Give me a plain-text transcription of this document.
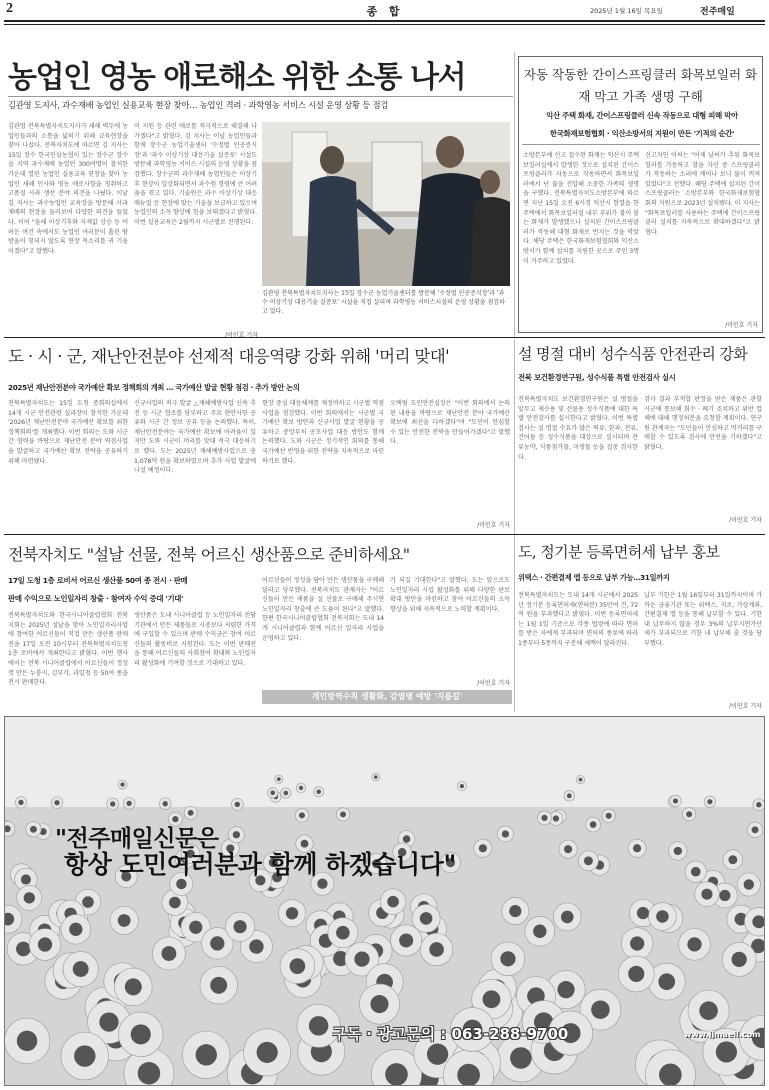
2	종 합	2025년 1월 16일 목요일	전주매일
농업인 영농 애로해소 위한 소통 나서
김관영 도지사, 과수재배 농업인 실용교육 현장 찾아… 농업인 격려 · 과학영농 서비스 시설 운영 상황 등 점검
김관영 전북특별자치도지사가 새해 벽두에 농업인들과의 소통을 넓히기 위해 교육현장을 찾아 나섰다. 전북자치도에 따르면 김 지사는 15일 장수 한국인삼농협이 있는 장수군 장수읍 지역 과수재배 농업인 300여명이 참석한 가운데 열린 농업인 실용교육 현장을 찾아 농업인 새해 인사와 영농 애로사항을 청취하고 고품질 사과 생산 분야 의견을 나눴다. 이날 김 지사는 과수농업인 교육장을 방문해 사과 재배의 현장을 둘러보며 다양한 의견을 들었다. 이어 "올해 이상기후와 자재값 상승 등 어려운 여건 속에서도 농업인 여러분이 흘린 땀방울이 헛되지 않도록 현장 목소리를 귀 기울이겠다"고 말했다.
이 지원 등 관련 애로를 적극적으로 해결해 나가겠다"고 밝혔다. 김 지사는 이날 농업인들과 함께 장수군 농업기술센터 '수정벌 인공증식장'과 '과수 이상기상 대응기술 실증포' 시설도 방문해 과학영농 서비스 시설의 운영 상황을 점검했다. 장수군의 과수재배 농업인들은 이상기후 현상이 일상화되면서 과수원 경영에 큰 어려움을 겪고 있다. 기술원은 과수 이상기상 대응 매뉴얼 등 현장에 맞는 기술을 보급하고 있으며 농업인의 소득 향상에 힘을 보태겠다고 밝혔다. 이번 실용교육은 2월까지 시군별로 진행된다.
/이민호 기자
김관영 전북특별자치도지사는 15일 장수군 농업기술센터를 방문해 '수정벌 인공증식장'과 '과수 이상기상 대응기술 실증포' 시설을 직접 살피며 과학영농 서비스시설의 운영 상황을 점검하고 있다.
자동 작동한 간이스프링클러 화목보일러 화재 막고 가족 생명 구해
익산 주택 화재, 간이스프링클러 신속 작동으로 대형 피해 막아
한국화재보험협회 · 익산소방서의 지원이 만든 '기적의 순간'
소방본부에 신고 접수된 화재는 익산시 주택 보일러실에서 발생한 것으로 설치된 간이스프링클러가 자동으로 작동하면서 화목보일러에서 난 불을 진압해 소중한 가족의 생명을 구했다. 전북특별자치도소방본부에 따르면 지난 15일 오전 6시경 익산시 함열읍 한 주택에서 화목보일러실 내부 부위가 불이 붙는 화재가 발생했으나 설치된 간이스프링클러가 작동해 대형 화재로 번지는 것을 막았다. 해당 주택은 한국화재보험협회와 익산소방서가 함께 설치를 지원한 곳으로 주민 3명이 거주하고 있었다.
신고자인 이씨는 "어제 날씨가 추워 화목보일러를 가동하고 잠을 자던 중 스프링클러가 작동하는 소리에 깨어나 보니 불이 꺼져 있었다"고 전했다. 해당 주택에 설치된 간이스프링클러는 소방본부와 한국화재보험협회의 지원으로 2023년 설치됐다. 이 지사는 "화목보일러를 사용하는 주택에 간이스프링클러 설치를 지속적으로 확대하겠다"고 밝혔다.
/이민호 기자
도 · 시 · 군, 재난안전분야 선제적 대응역량 강화 위해 '머리 맞대'
2025년 재난안전분야 국가예산 확보 정책회의 개최 … 국가예산 발굴 현황 점검 · 추가 방안 논의
전북특별자치도는 15일 도청 중회의실에서 14개 시군 안전관련 실과장이 참석한 가운데 '2026년 재난안전분야 국가예산 확보를 위한 정책회의'를 개최했다. 이번 회의는 도와 시군 간 협력을 바탕으로 재난안전 분야 역점사업을 발굴하고 국가예산 확보 전략을 공유하기 위해 마련됐다.
신규사업의 적극 발굴 △재해예방사업 신속 추진 등 시군 협조를 당부하고 주요 현안사항 공유와 시군 간 정보 공유 등을 논의했다. 특히, 재난안전분야는 국가예산 확보에 어려움이 있지만 도와 시군이 머리를 맞대 적극 대응하기로 했다. 도는 2025년 재해예방사업으로 총 1,078억 원을 확보하였으며 추가 사업 발굴에 나설 예정이다.
현장 중심 대응체계를 재정비하고 시군별 역점사업을 점검했다. 이번 회의에서는 시군별 국가예산 확보 방안과 신규사업 발굴 현황을 공유하고 중앙부처 공모사업 대응 방안도 함께 논의했다. 도와 시군은 정기적인 회의를 통해 국가예산 반영을 위한 전략을 지속적으로 마련하기로 했다.
오택림 도민안전실장은 "이번 회의에서 논의된 내용을 바탕으로 재난안전 분야 국가예산 확보에 최선을 다하겠다"며 "도민이 안심할 수 있는 안전한 전북을 만들어가겠다"고 말했다.
/이민호 기자
설 명절 대비 성수식품 안전관리 강화
전북 보건환경연구원, 성수식품 특별 안전검사 실시
전북특별자치도 보건환경연구원은 설 명절을 앞두고 제수용 및 선물용 성수식품에 대한 특별 안전검사를 실시한다고 밝혔다. 이번 특별검사는 설 명절 수요가 많은 떡류, 한과, 전류, 건어물 등 성수식품을 대상으로 실시되며 잔류농약, 식품첨가물, 미생물 등을 집중 검사한다.
검사 결과 부적합 판정을 받은 제품은 관할 시군에 통보해 회수 · 폐기 조치하고 위반 업체에 대해 행정처분을 요청할 계획이다. 연구원 관계자는 "도민들이 안심하고 먹거리를 구매할 수 있도록 검사에 만전을 기하겠다"고 밝혔다.
/이민호 기자
전북자치도 "설날 선물, 전북 어르신 생산품으로 준비하세요"
17일 도청 1층 로비서 어르신 생산품 50여 종 전시 · 판매
판매 수익으로 노인일자리 창출 · 참여자 수익 증대 '기대'
전북특별자치도와 한국시니어클럽협회 전북지회는 2025년 설날을 맞아 노인일자리사업에 참여한 어르신들이 직접 만든 생산품 판매전을 17일 오전 10시부터 전북특별자치도청 1층 로비에서 개최한다고 밝혔다. 이번 행사에서는 전북 시니어클럽에서 어르신들이 정성껏 만든 누룽지, 김부각, 과일청 등 50여 종을 전시 판매한다.
생산품은 도내 시니어클럽 등 노인일자리 전담기관에서 만든 제품들로 시중보다 저렴한 가격에 구입할 수 있으며 판매 수익금은 참여 어르신들의 활동비로 지원된다. 도는 이번 판매전을 통해 어르신들의 사회참여 확대와 노인일자리 활성화에 기여할 것으로 기대하고 있다.
어르신들이 정성을 담아 만든 생산품을 구매해 달라고 당부했다. 전북자치도 관계자는 "어르신들이 만든 제품을 설 선물로 구매해 주시면 노인일자리 창출에 큰 도움이 된다"고 말했다. 한편 한국시니어클럽협회 전북지회는 도내 14개 시니어클럽과 함께 어르신 일자리 사업을 운영하고 있다.
가 되길 기대한다"고 말했다. 도는 앞으로도 노인일자리 사업 활성화를 위해 다양한 판로 확대 방안을 마련하고 참여 어르신들의 소득 향상을 위해 지속적으로 노력할 계획이다.
/이민호 기자
개인방역수칙 생활화, 감염병 예방 '지름길'
도, 정기분 등록면허세 납부 홍보
위택스 · 간편결제 앱 등으로 납부 가능…31일까지
전북특별자치도는 도내 14개 시군에서 2025년 정기분 등록면허세(면허분) 35만여 건, 72억 원을 부과했다고 밝혔다. 이번 등록면허세는 1월 1일 기준으로 각종 법령에 따라 면허를 받은 자에게 부과되며 면허의 종류에 따라 1종부터 5종까지 구분해 세액이 달라진다.
납부 기한은 1월 16일부터 31일까지이며 가까운 금융기관 또는 위택스, 지로, 가상계좌, 간편결제 앱 등을 통해 납부할 수 있다. 기한 내 납부하지 않을 경우 3%의 납부지연가산세가 부과되므로 기한 내 납부해 줄 것을 당부했다.
/이민호 기자
"전주매일신문은
항상 도민여러분과 함께 하겠습니다"
구독 · 광고문의 : 063-288-9700	www.jjmaeil.com
